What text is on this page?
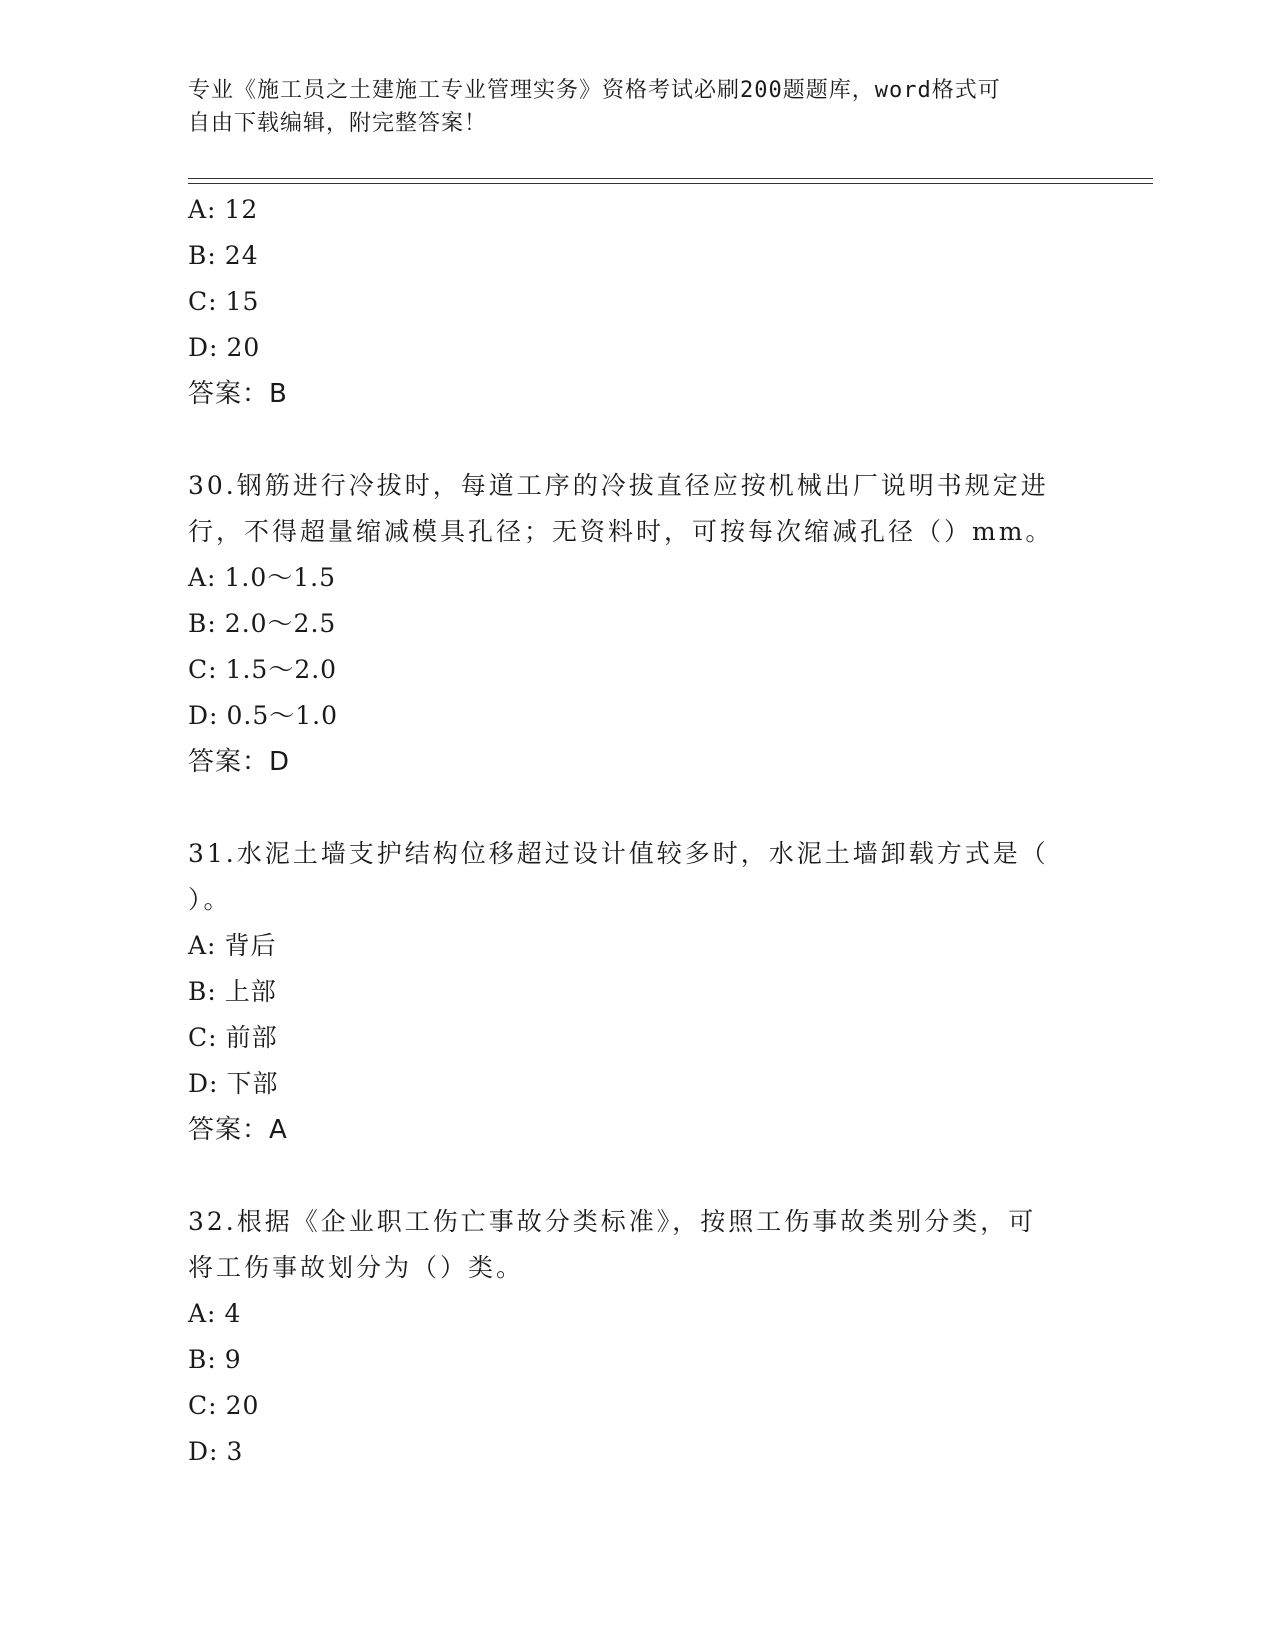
专业《施工员之土建施工专业管理实务》资格考试必刷200题题库，word格式可
自由下载编辑，附完整答案！
A: 12
B: 24
C: 15
D: 20
答案：B
30.钢筋进行冷拔时，每道工序的冷拔直径应按机械出厂说明书规定进
行，不得超量缩减模具孔径；无资料时，可按每次缩减孔径（）mm。
A: 1.0～1.5
B: 2.0～2.5
C: 1.5～2.0
D: 0.5～1.0
答案：D
31.水泥土墙支护结构位移超过设计值较多时，水泥土墙卸载方式是（
）。
A: 背后
B: 上部
C: 前部
D: 下部
答案：A
32.根据《企业职工伤亡事故分类标准》，按照工伤事故类别分类，可
将工伤事故划分为（）类。
A: 4
B: 9
C: 20
D: 3
